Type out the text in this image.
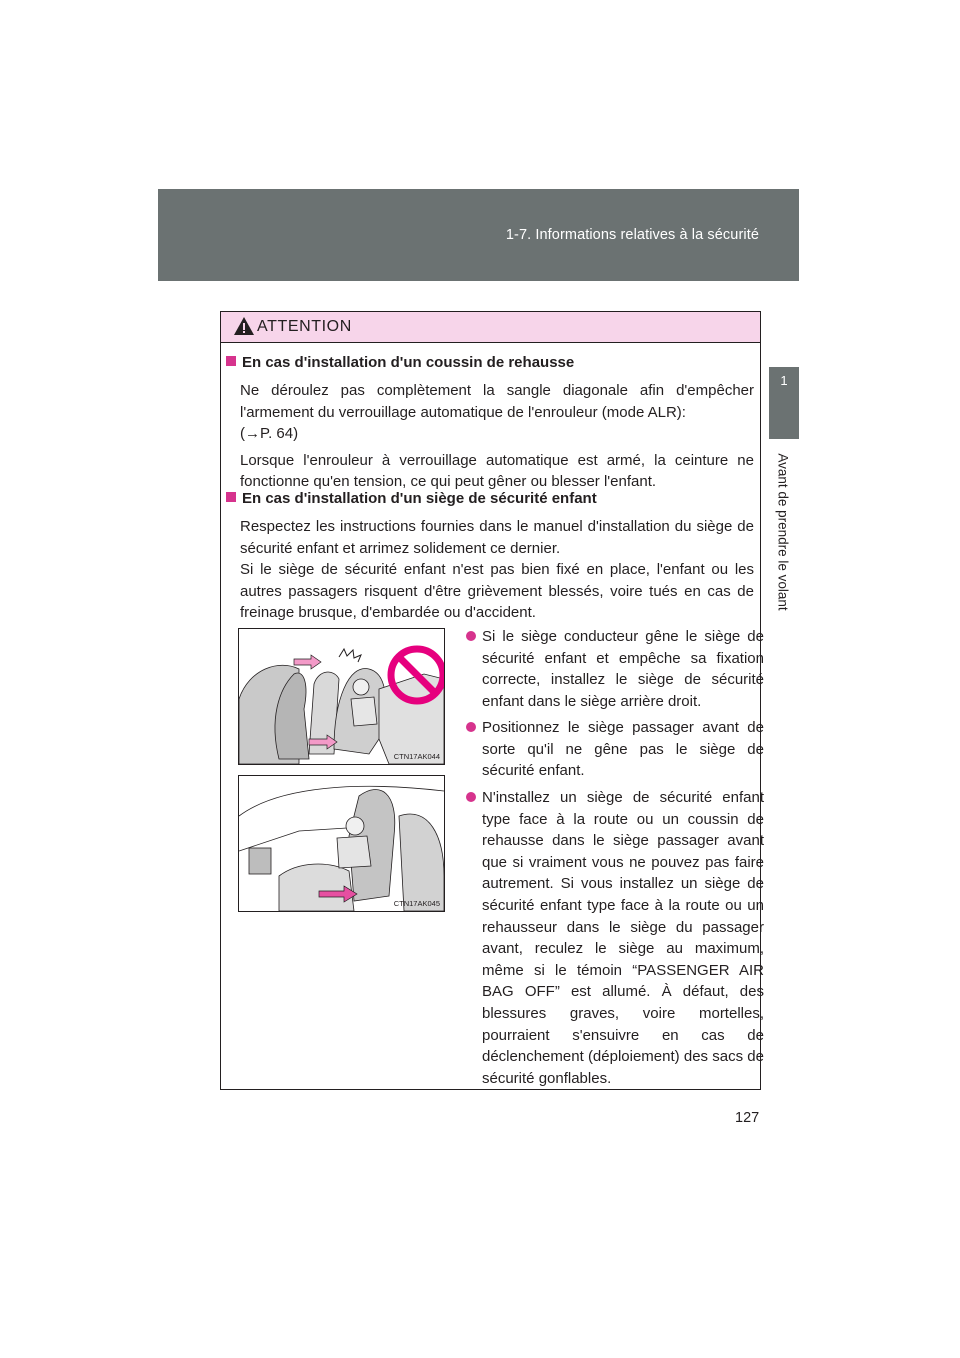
1-7. Informations relatives à la sécurité
1
Avant de prendre le volant
ATTENTION
En cas d'installation d'un coussin de rehausse

Ne déroulez pas complètement la sangle diagonale afin d'empêcher l'armement du verrouillage automatique de l'enrouleur (mode ALR):

(→P. 64)

Lorsque l'enrouleur à verrouillage automatique est armé, la ceinture ne fonctionne qu'en tension, ce qui peut gêner ou blesser l'enfant.

En cas d'installation d'un siège de sécurité enfant

Respectez les instructions fournies dans le manuel d'installation du siège de sécurité enfant et arrimez solidement ce dernier.

Si le siège de sécurité enfant n'est pas bien fixé en place, l'enfant ou les autres passagers risquent d'être grièvement blessés, voire tués en cas de freinage brusque, d'embardée ou d'accident.

CTN17AK044
CTN17AK045
Si le siège conducteur gêne le siège de sécurité enfant et empêche sa fixation correcte, installez le siège de sécurité enfant dans le siège arrière droit.
Positionnez le siège passager avant de sorte qu'il ne gêne pas le siège de sécurité enfant.
N'installez un siège de sécurité enfant type face à la route ou un coussin de rehausse dans le siège passager avant que si vraiment vous ne pouvez pas faire autrement. Si vous installez un siège de sécurité enfant type face à la route ou un rehausseur dans le siège du passager avant, reculez le siège au maximum, même si le témoin “PASSENGER AIR BAG OFF” est allumé. À défaut, des blessures graves, voire mortelles, pourraient s'ensuivre en cas de déclenchement (déploiement) des sacs de sécurité gonflables.
127
